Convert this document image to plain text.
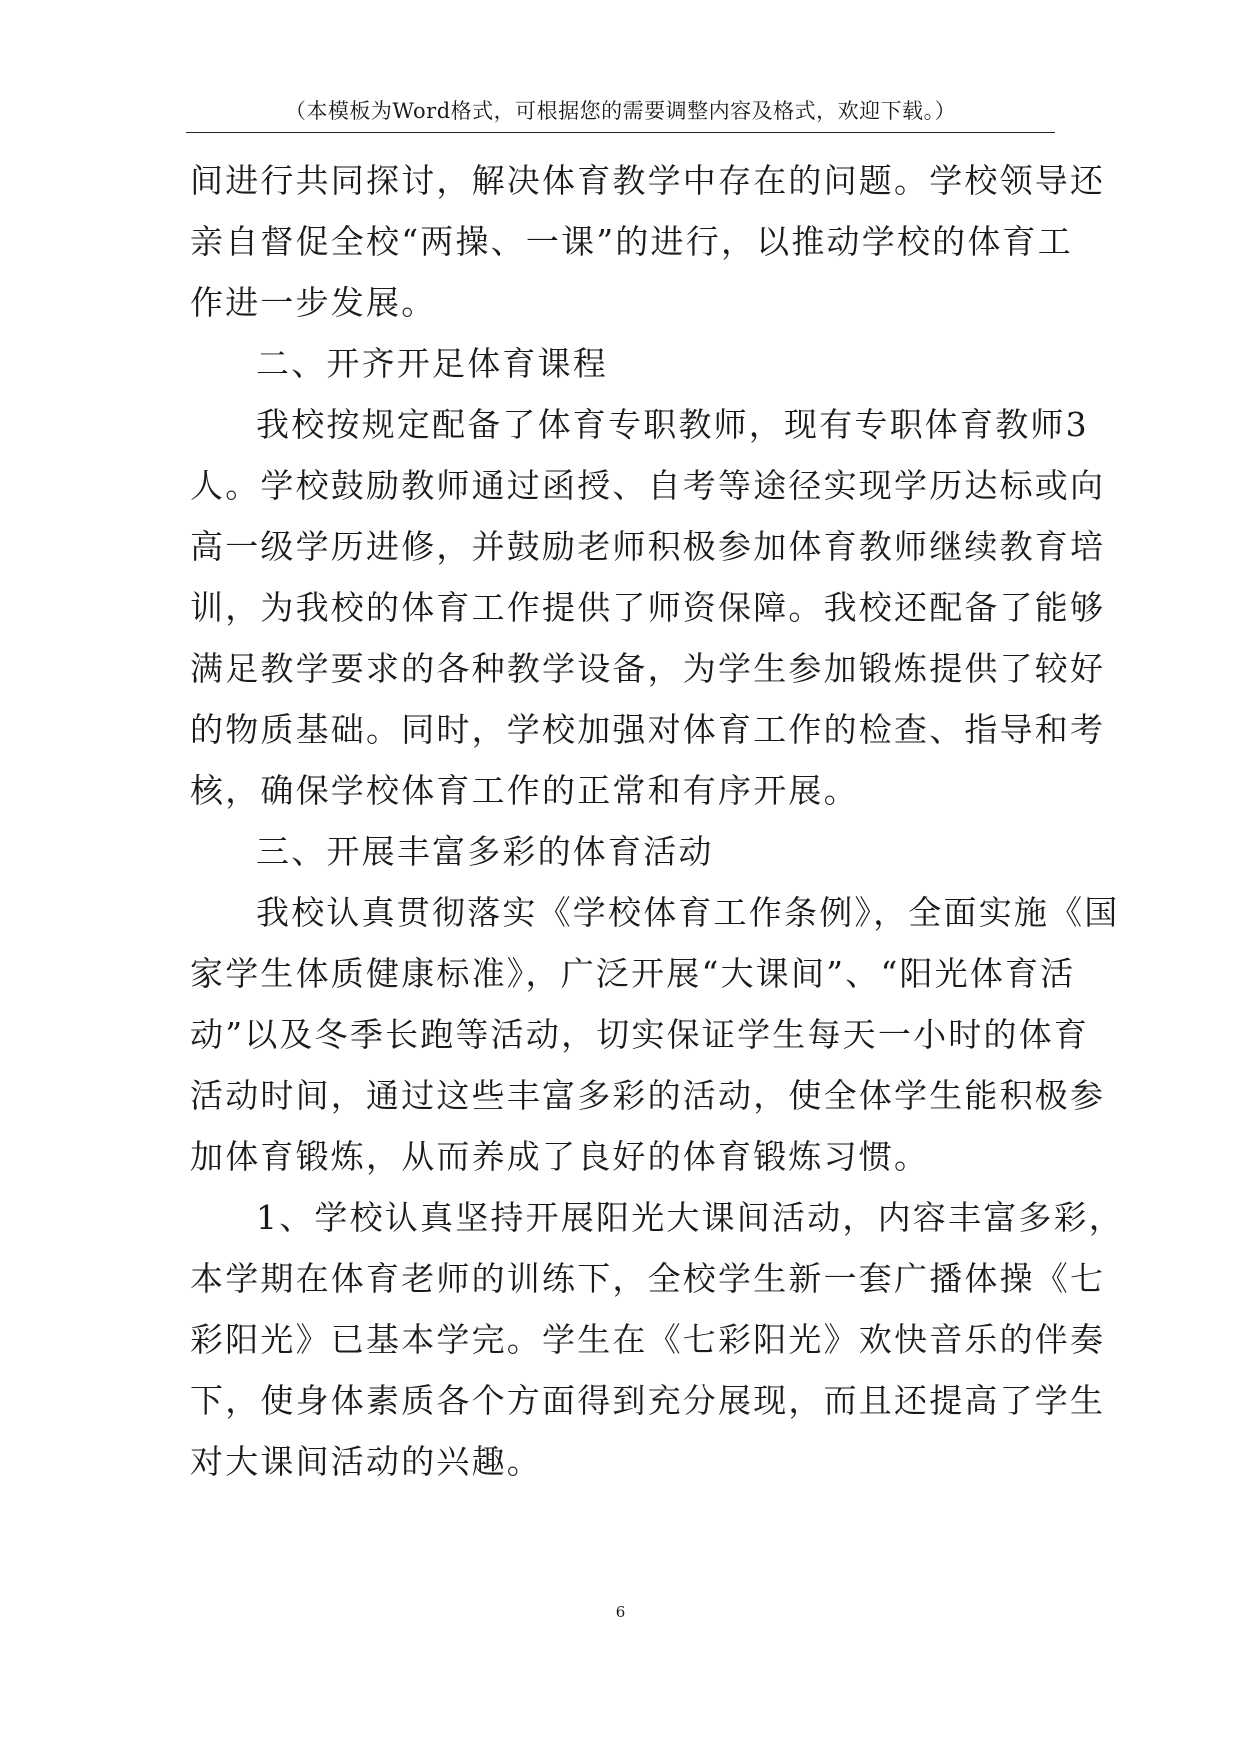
（本模板为Word格式，可根据您的需要调整内容及格式，欢迎下载。）
间进行共同探讨，解决体育教学中存在的问题。学校领导还
亲自督促全校“两操、一课”的进行，以推动学校的体育工
作进一步发展。
二、开齐开足体育课程
我校按规定配备了体育专职教师，现有专职体育教师3
人。学校鼓励教师通过函授、自考等途径实现学历达标或向
高一级学历进修，并鼓励老师积极参加体育教师继续教育培
训，为我校的体育工作提供了师资保障。我校还配备了能够
满足教学要求的各种教学设备，为学生参加锻炼提供了较好
的物质基础。同时，学校加强对体育工作的检查、指导和考
核，确保学校体育工作的正常和有序开展。
三、开展丰富多彩的体育活动
我校认真贯彻落实《学校体育工作条例》，全面实施《国
家学生体质健康标准》，广泛开展“大课间”、“阳光体育活
动”以及冬季长跑等活动，切实保证学生每天一小时的体育
活动时间，通过这些丰富多彩的活动，使全体学生能积极参
加体育锻炼，从而养成了良好的体育锻炼习惯。
1、学校认真坚持开展阳光大课间活动，内容丰富多彩，
本学期在体育老师的训练下，全校学生新一套广播体操《七
彩阳光》已基本学完。学生在《七彩阳光》欢快音乐的伴奏
下，使身体素质各个方面得到充分展现，而且还提高了学生
对大课间活动的兴趣。
6
